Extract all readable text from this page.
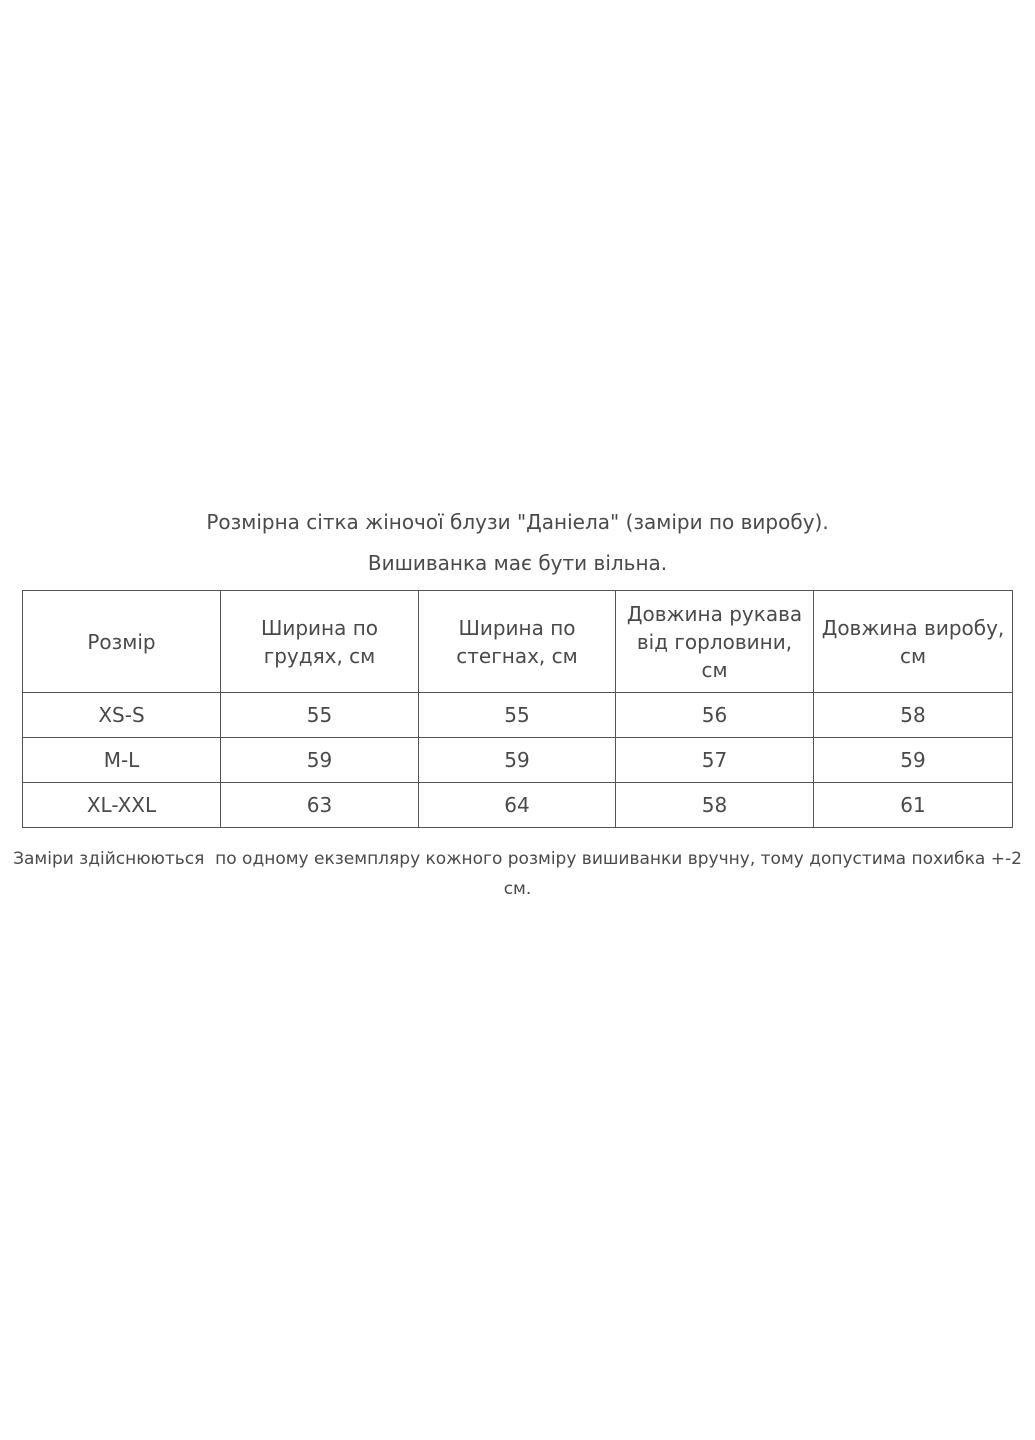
Розмірна сітка жіночої блузи "Даніела" (заміри по виробу).
Вишиванка має бути вільна.
Розмір	Ширина по грудях, см	Ширина по стегнах, см	Довжина рукава від горловини, см	Довжина виробу, см
XS-S	55	55	56	58
M-L	59	59	57	59
XL-XXL	63	64	58	61
Заміри здійснюються  по одному екземпляру кожного розміру вишиванки вручну, тому допустима похибка +-2 см.
